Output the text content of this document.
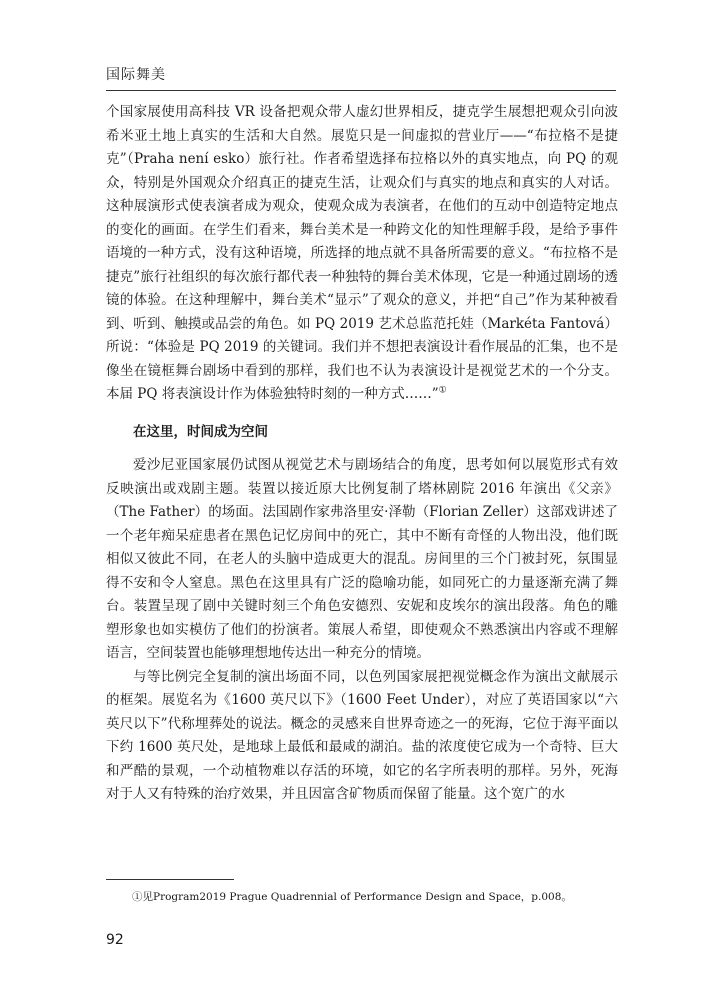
国际舞美

个国家展使用高科技 VR 设备把观众带人虚幻世界相反，捷克学生展想把观众引向波希米亚土地上真实的生活和大自然。展览只是一间虚拟的营业厅——“布拉格不是捷克”（Praha není esko）旅行社。作者希望选择布拉格以外的真实地点，向 PQ 的观众，特别是外国观众介绍真正的捷克生活，让观众们与真实的地点和真实的人对话。这种展演形式使表演者成为观众，使观众成为表演者，在他们的互动中创造特定地点的变化的画面。在学生们看来，舞台美术是一种跨文化的知性理解手段，是给予事件语境的一种方式，没有这种语境，所选择的地点就不具备所需要的意义。“布拉格不是捷克”旅行社组织的每次旅行都代表一种独特的舞台美术体现，它是一种通过剧场的透镜的体验。在这种理解中，舞台美术“显示”了观众的意义，并把“自己”作为某种被看到、听到、触摸或品尝的角色。如 PQ 2019 艺术总监范托娃（Markéta Fantová）所说：“体验是 PQ 2019 的关键词。我们并不想把表演设计看作展品的汇集，也不是像坐在镜框舞台剧场中看到的那样，我们也不认为表演设计是视觉艺术的一个分支。本届 PQ 将表演设计作为体验独特时刻的一种方式……”①

在这里，时间成为空间

爱沙尼亚国家展仍试图从视觉艺术与剧场结合的角度，思考如何以展览形式有效反映演出或戏剧主题。装置以接近原大比例复制了塔林剧院 2016 年演出《父亲》（The Father）的场面。法国剧作家弗洛里安·泽勒（Florian Zeller）这部戏讲述了一个老年痴呆症患者在黑色记忆房间中的死亡，其中不断有奇怪的人物出没，他们既相似又彼此不同，在老人的头脑中造成更大的混乱。房间里的三个门被封死，氛围显得不安和令人窒息。黑色在这里具有广泛的隐喻功能，如同死亡的力量逐渐充满了舞台。装置呈现了剧中关键时刻三个角色安德烈、安妮和皮埃尔的演出段落。角色的雕塑形象也如实模仿了他们的扮演者。策展人希望，即使观众不熟悉演出内容或不理解语言，空间装置也能够理想地传达出一种充分的情境。

与等比例完全复制的演出场面不同，以色列国家展把视觉概念作为演出文献展示的框架。展览名为《1600 英尺以下》（1600 Feet Under），对应了英语国家以“六英尺以下”代称埋葬处的说法。概念的灵感来自世界奇迹之一的死海，它位于海平面以下约 1600 英尺处，是地球上最低和最咸的湖泊。盐的浓度使它成为一个奇特、巨大和严酷的景观，一个动植物难以存活的环境，如它的名字所表明的那样。另外，死海对于人又有特殊的治疗效果，并且因富含矿物质而保留了能量。这个宽广的水

①见Program2019 Prague Quadrennial of Performance Design and Space，p.008。
92
